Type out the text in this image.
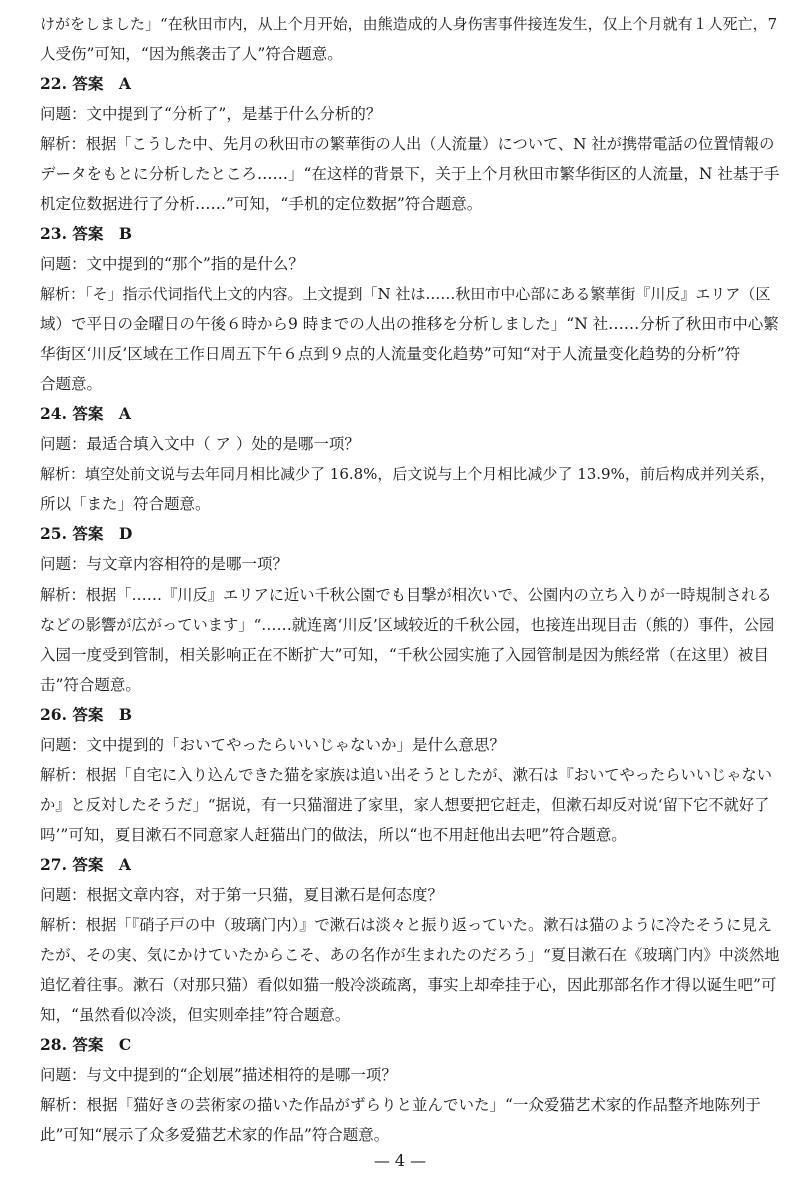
けがをしました」“在秋田市内，从上个月开始，由熊造成的人身伤害事件接连发生，仅上个月就有１人死亡，7
人受伤”可知，“因为熊袭击了人”符合题意。
22. 答案　A
问题：文中提到了“分析了”，是基于什么分析的？
解析：根据「こうした中、先月の秋田市の繁華街の人出（人流量）について、N 社が携帯電話の位置情報の
データをもとに分析したところ……」“在这样的背景下，关于上个月秋田市繁华街区的人流量，N 社基于手
机定位数据进行了分析……”可知，“手机的定位数据”符合题意。
23. 答案　B
问题：文中提到的“那个”指的是什么？
解析：「そ」指示代词指代上文的内容。上文提到「N 社は……秋田市中心部にある繁華街『川反』エリア（区
域）で平日の金曜日の午後６時から9 時までの人出の推移を分析しました」“N 社……分析了秋田市中心繁
华街区‘川反’区域在工作日周五下午６点到９点的人流量变化趋势”可知“对于人流量变化趋势的分析”符
合题意。
24. 答案　A
问题：最适合填入文中（ ア ）处的是哪一项？
解析：填空处前文说与去年同月相比减少了 16.8%，后文说与上个月相比减少了 13.9%，前后构成并列关系，
所以「また」符合题意。
25. 答案　D
问题：与文章内容相符的是哪一项？
解析：根据「……『川反』エリアに近い千秋公園でも目撃が相次いで、公園内の立ち入りが一時規制される
などの影響が広がっています」“……就连离‘川反’区域较近的千秋公园，也接连出现目击（熊的）事件，公园
入园一度受到管制，相关影响正在不断扩大”可知，“千秋公园实施了入园管制是因为熊经常（在这里）被目
击”符合题意。
26. 答案　B
问题：文中提到的「おいてやったらいいじゃないか」是什么意思？
解析：根据「自宅に入り込んできた猫を家族は追い出そうとしたが、漱石は『おいてやったらいいじゃない
か』と反対したそうだ」“据说，有一只猫溜进了家里，家人想要把它赶走，但漱石却反对说‘留下它不就好了
吗’”可知，夏目漱石不同意家人赶猫出门的做法，所以“也不用赶他出去吧”符合题意。
27. 答案　A
问题：根据文章内容，对于第一只猫，夏目漱石是何态度？
解析：根据「『硝子戸の中（玻璃门内）』で漱石は淡々と振り返っていた。漱石は猫のように冷たそうに見え
たが、その実、気にかけていたからこそ、あの名作が生まれたのだろう」“夏目漱石在《玻璃门内》中淡然地
追忆着往事。漱石（对那只猫）看似如猫一般冷淡疏离，事实上却牵挂于心，因此那部名作才得以诞生吧”可
知，“虽然看似冷淡，但实则牵挂”符合题意。
28. 答案　C
问题：与文中提到的“企划展”描述相符的是哪一项？
解析：根据「猫好きの芸術家の描いた作品がずらりと並んでいた」“一众爱猫艺术家的作品整齐地陈列于
此”可知“展示了众多爱猫艺术家的作品”符合题意。
— 4 —
